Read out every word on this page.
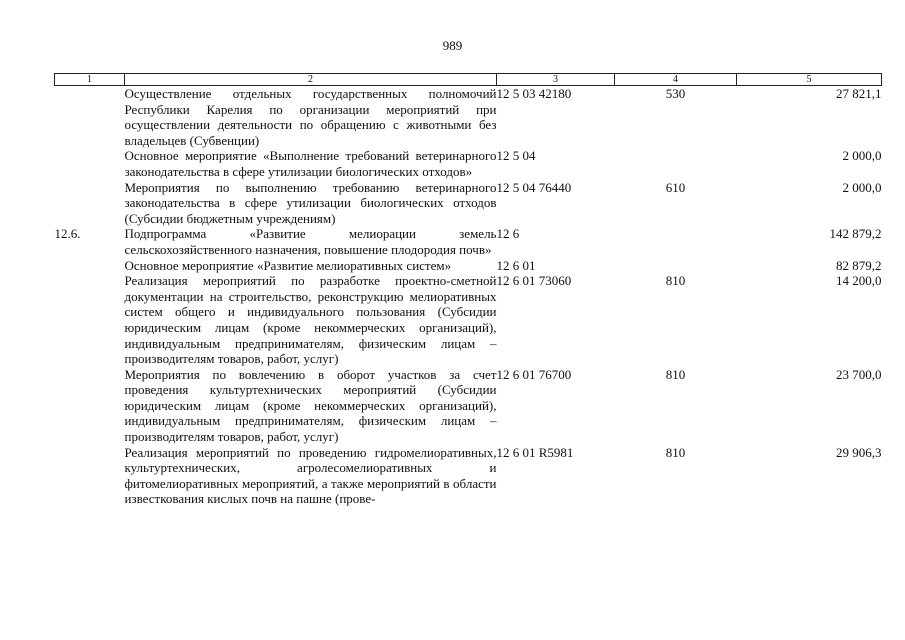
989
1	2	3	4	5
	Осуществление отдельных государственных полномочий Республики Карелия по организации мероприятий при осуществлении деятельности по обращению с животными без владельцев (Субвенции)	12 5 03 42180	530	27 821,1
	Основное мероприятие «Выполнение требований ветеринарного законодательства в сфере утилизации биологических отходов»	12 5 04		2 000,0
	Мероприятия по выполнению требованию ветеринарного законодательства в сфере утилизации биологических отходов (Субсидии бюджетным учреждениям)	12 5 04 76440	610	2 000,0
12.6.	Подпрограмма «Развитие мелиорации земель сельскохозяйственного назначения, повышение плодородия почв»	12 6		142 879,2
	Основное мероприятие «Развитие мелиоративных систем»	12 6 01		82 879,2
	Реализация мероприятий по разработке проектно-сметной документации на строительство, реконструкцию мелиоративных систем общего и индивидуального пользования (Субсидии юридическим лицам (кроме некоммерческих организаций), индивидуальным предпринимателям, физическим лицам – производителям товаров, работ, услуг)	12 6 01 73060	810	14 200,0
	Мероприятия по вовлечению в оборот участков за счет проведения культуртехнических мероприятий (Субсидии юридическим лицам (кроме некоммерческих организаций), индивидуальным предпринимателям, физическим лицам – производителям товаров, работ, услуг)	12 6 01 76700	810	23 700,0
	Реализация мероприятий по проведению гидромелиоративных, культуртехнических, агролесомелиоративных и фитомелиоративных мероприятий, а также мероприятий в области известкования кислых почв на пашне (прове-	12 6 01 R5981	810	29 906,3
